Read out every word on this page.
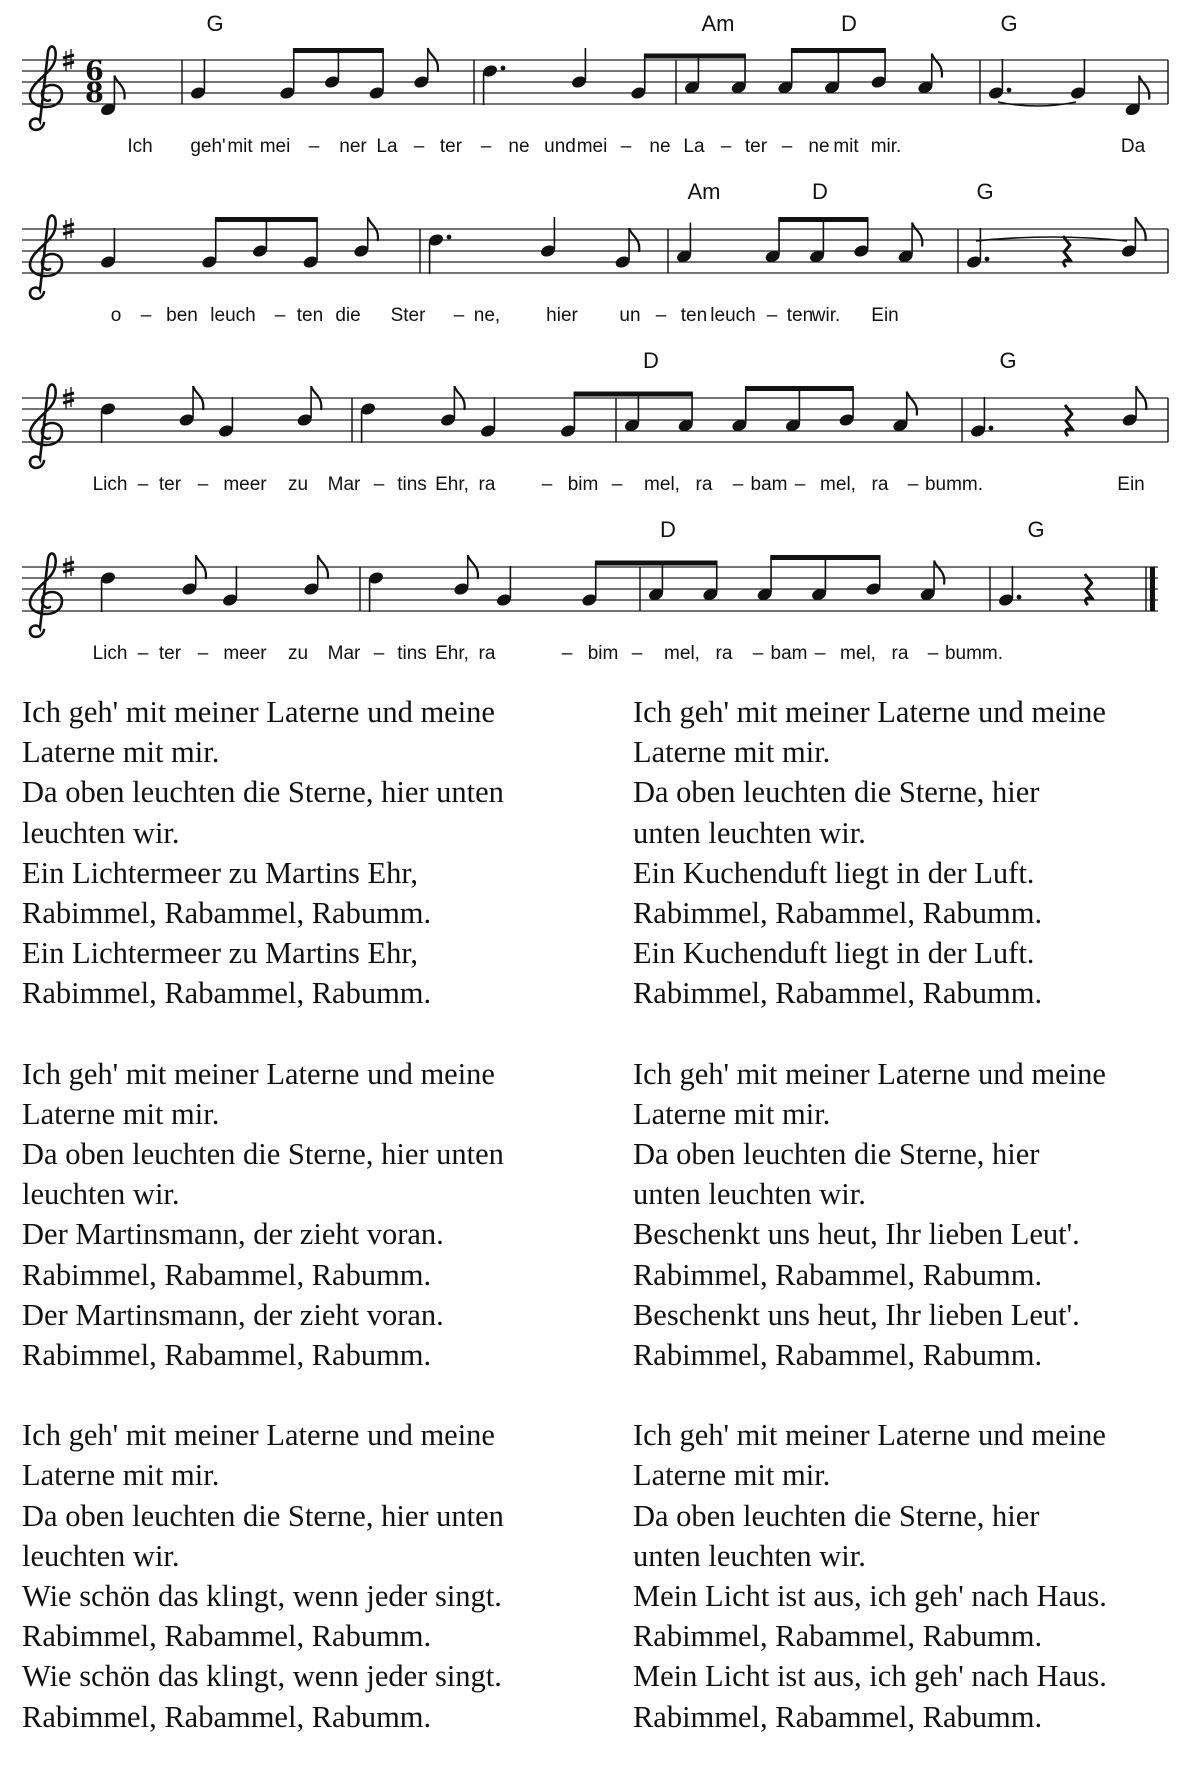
6
8
G	Am	D	G
Ich geh' mit mei – ner La – ter – ne und mei – ne La – ter – ne mit mir.	Da
Am	D	G
o – ben leuch – ten die Ster – ne, hier un – ten leuch – ten
wir. Ein
D	G
Lich – ter – meer zu Mar – tins Ehr, ra – bim – mel, ra – bam – mel, ra – bumm.	Ein
D	G
Lich – ter – meer zu Mar – tins Ehr, ra	– bim – mel, ra – bam – mel, ra – bumm.
Ich geh' mit meiner Laterne und meine
Laterne mit mir.
Da oben leuchten die Sterne, hier unten
leuchten wir.
Ein Lichtermeer zu Martins Ehr,
Rabimmel, Rabammel, Rabumm.
Ein Lichtermeer zu Martins Ehr,
Rabimmel, Rabammel, Rabumm.
Ich geh' mit meiner Laterne und meine
Laterne mit mir.
Da oben leuchten die Sterne, hier
unten leuchten wir.
Ein Kuchenduft liegt in der Luft.
Rabimmel, Rabammel, Rabumm.
Ein Kuchenduft liegt in der Luft.
Rabimmel, Rabammel, Rabumm.
Ich geh' mit meiner Laterne und meine
Laterne mit mir.
Da oben leuchten die Sterne, hier unten
leuchten wir.
Der Martinsmann, der zieht voran.
Rabimmel, Rabammel, Rabumm.
Der Martinsmann, der zieht voran.
Rabimmel, Rabammel, Rabumm.
Ich geh' mit meiner Laterne und meine
Laterne mit mir.
Da oben leuchten die Sterne, hier
unten leuchten wir.
Beschenkt uns heut, Ihr lieben Leut'.
Rabimmel, Rabammel, Rabumm.
Beschenkt uns heut, Ihr lieben Leut'.
Rabimmel, Rabammel, Rabumm.
Ich geh' mit meiner Laterne und meine
Laterne mit mir.
Da oben leuchten die Sterne, hier unten
leuchten wir.
Wie schön das klingt, wenn jeder singt.
Rabimmel, Rabammel, Rabumm.
Wie schön das klingt, wenn jeder singt.
Rabimmel, Rabammel, Rabumm.
Ich geh' mit meiner Laterne und meine
Laterne mit mir.
Da oben leuchten die Sterne, hier
unten leuchten wir.
Mein Licht ist aus, ich geh' nach Haus.
Rabimmel, Rabammel, Rabumm.
Mein Licht ist aus, ich geh' nach Haus.
Rabimmel, Rabammel, Rabumm.
